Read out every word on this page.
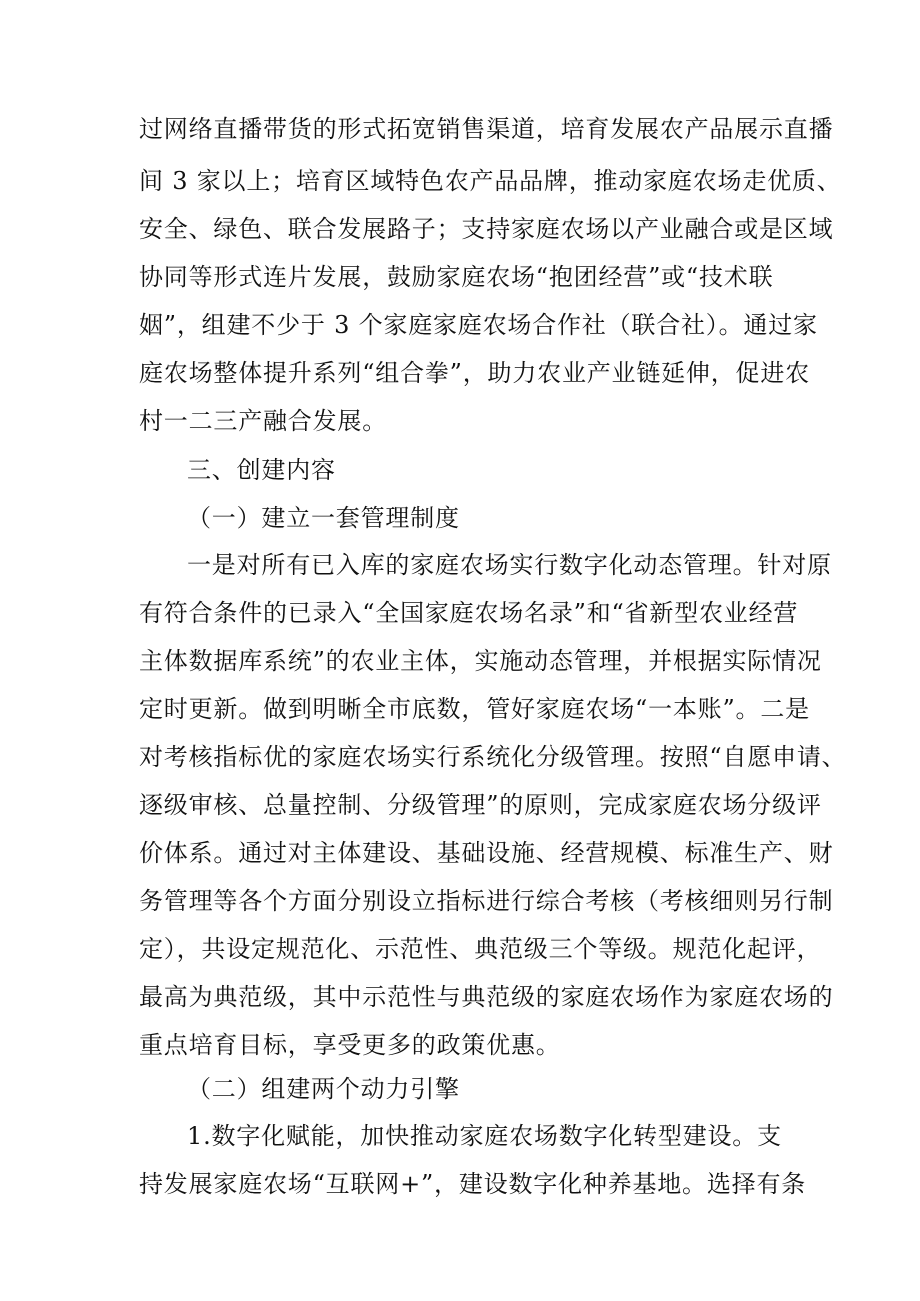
过网络直播带货的形式拓宽销售渠道，培育发展农产品展示直播
间 3 家以上；培育区域特色农产品品牌，推动家庭农场走优质、
安全、绿色、联合发展路子；支持家庭农场以产业融合或是区域
协同等形式连片发展，鼓励家庭农场“抱团经营”或“技术联
姻”，组建不少于 3 个家庭家庭农场合作社（联合社）。通过家
庭农场整体提升系列“组合拳”，助力农业产业链延伸，促进农
村一二三产融合发展。
三、创建内容
（一）建立一套管理制度
一是对所有已入库的家庭农场实行数字化动态管理。针对原
有符合条件的已录入“全国家庭农场名录”和“省新型农业经营
主体数据库系统”的农业主体，实施动态管理，并根据实际情况
定时更新。做到明晰全市底数，管好家庭农场“一本账”。二是
对考核指标优的家庭农场实行系统化分级管理。按照“自愿申请、
逐级审核、总量控制、分级管理”的原则，完成家庭农场分级评
价体系。通过对主体建设、基础设施、经营规模、标准生产、财
务管理等各个方面分别设立指标进行综合考核（考核细则另行制
定），共设定规范化、示范性、典范级三个等级。规范化起评，
最高为典范级，其中示范性与典范级的家庭农场作为家庭农场的
重点培育目标，享受更多的政策优惠。
（二）组建两个动力引擎
1.数字化赋能，加快推动家庭农场数字化转型建设。支
持发展家庭农场“互联网+”，建设数字化种养基地。选择有条
